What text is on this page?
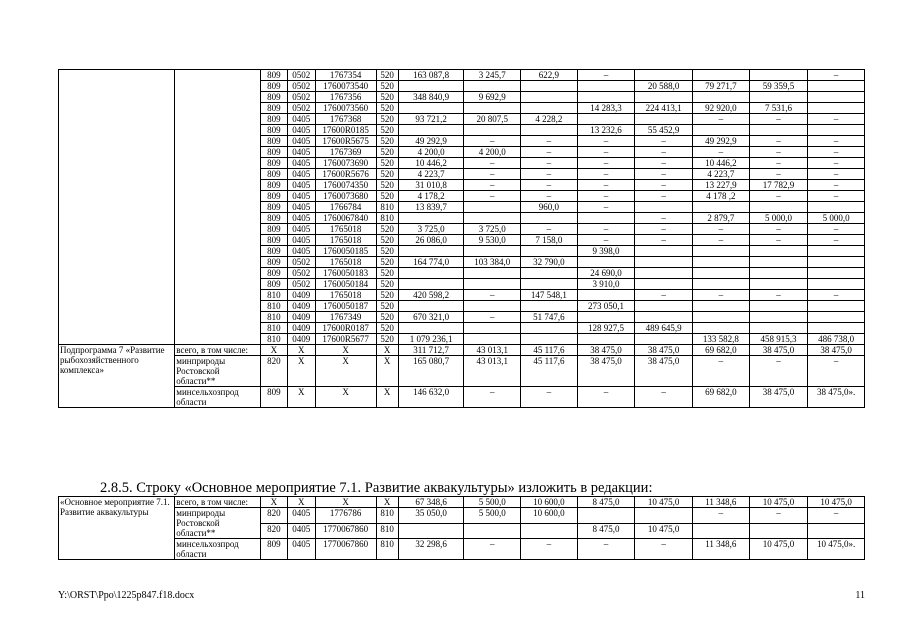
		809	0502	1767354	520	163 087,8	3 245,7	622,9	–				–
		809	0502	1760073540	520					20 588,0	79 271,7	59 359,5	
		809	0502	1767356	520	348 840,9	9 692,9						
		809	0502	1760073560	520				14 283,3	224 413,1	92 920,0	7 531,6	
		809	0405	1767368	520	93 721,2	20 807,5	4 228,2			–	–	–
		809	0405	17600R0185	520				13 232,6	55 452,9			
		809	0405	17600R5675	520	49 292,9	–	–	–	–	49 292,9	–	–
		809	0405	1767369	520	4 200,0	4 200,0	–	–	–	–	–	–
		809	0405	1760073690	520	10 446,2	–	–	–	–	10 446,2	–	–
		809	0405	17600R5676	520	4 223,7	–	–	–	–	4 223,7	–	–
		809	0405	1760074350	520	31 010,8	–	–	–	–	13 227,9	17 782,9	–
		809	0405	1760073680	520	4 178,2	–	–	–	–	4 178 ,2	–	–
		809	0405	1766784	810	13 839,7		960,0	–				
		809	0405	1760067840	810					–	2 879,7	5 000,0	5 000,0
		809	0405	1765018	520	3 725,0	3 725,0	–	–	–	–	–	–
		809	0405	1765018	520	26 086,0	9 530,0	7 158,0	–	–	–	–	–
		809	0405	1760050185	520				9 398,0				
		809	0502	1765018	520	164 774,0	103 384,0	32 790,0					
		809	0502	1760050183	520				24 690,0				
		809	0502	1760050184	520				3 910,0				
		810	0409	1765018	520	420 598,2	–	147 548,1		–	–	–	–
		810	0409	1760050187	520				273 050,1				
		810	0409	1767349	520	670 321,0	–	51 747,6					
		810	0409	17600R0187	520				128 927,5	489 645,9			
		810	0409	17600R5677	520	1 079 236,1					133 582,8	458 915,3	486 738,0
Подпрограмма 7 «Развитие рыбохозяйственного комплекса»	всего, в том числе:	Х	Х	Х	Х	311 712,7	43 013,1	45 117,6	38 475,0	38 475,0	69 682,0	38 475,0	38 475,0
	минприроды Ростовской области**	820	Х	Х	Х	165 080,7	43 013,1	45 117,6	38 475,0	38 475,0	–	–	–
	минсельхозпрод области	809	Х	Х	Х	146 632,0	–	–	–	–	69 682,0	38 475,0	38 475,0».
2.8.5. Строку «Основное мероприятие 7.1. Развитие аквакультуры» изложить в редакции:
«Основное мероприятие 7.1. Развитие аквакультуры	всего, в том числе:	Х	Х	Х	Х	67 348,6	5 500,0	10 600,0	8 475,0	10 475,0	11 348,6	10 475,0	10 475,0
	минприроды Ростовской области**	820	0405	1776786	810	35 050,0	5 500,0	10 600,0			–	–	–
		820	0405	1770067860	810				8 475,0	10 475,0			
	минсельхозпрод области	809	0405	1770067860	810	32 298,6	–	–	–	–	11 348,6	10 475,0	10 475,0».
Y:\ORST\Ppo\1225p847.f18.docx	11
